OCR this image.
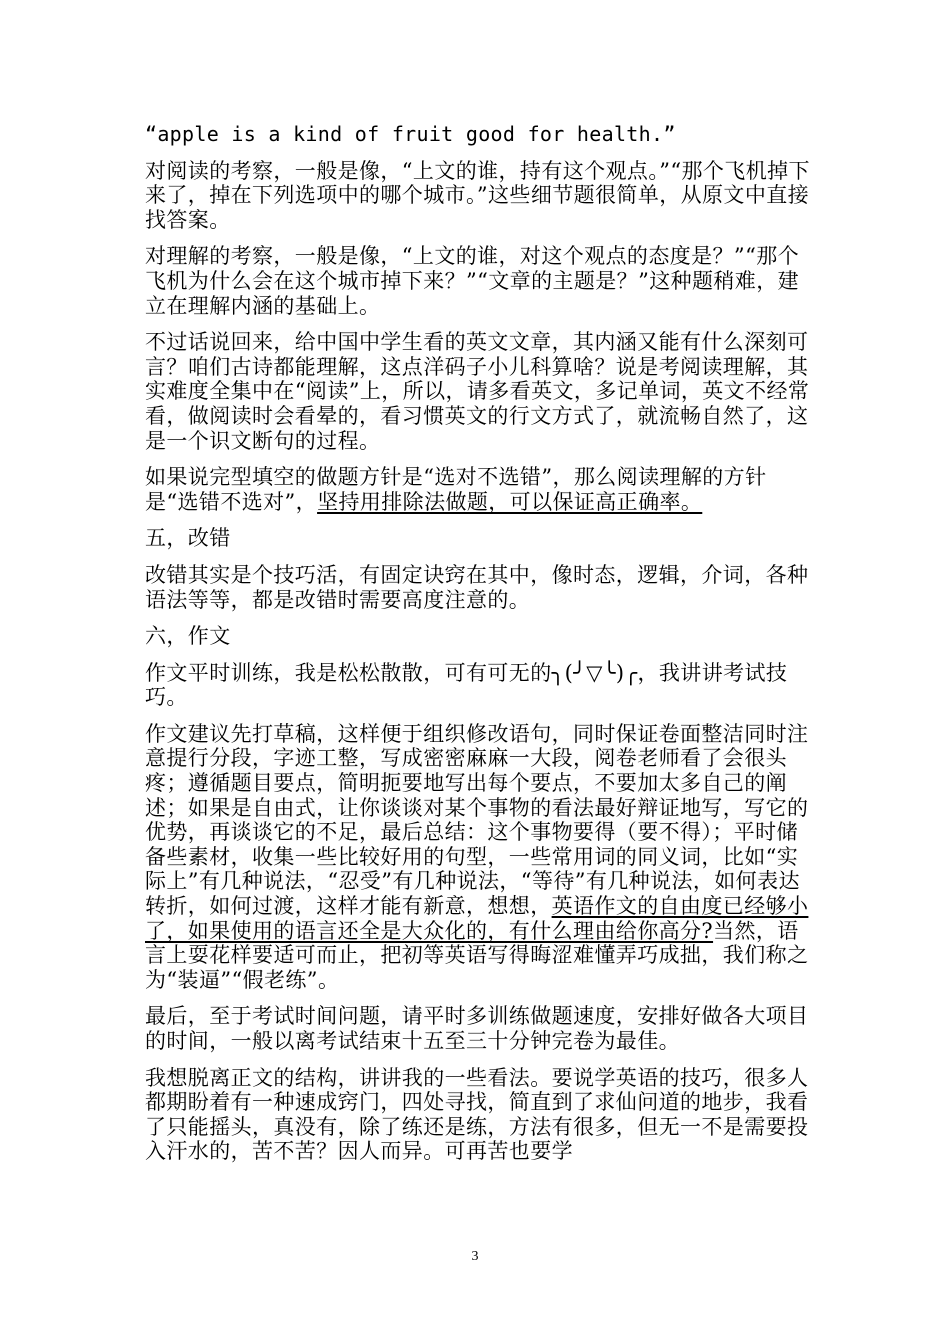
“apple is a kind of fruit good for health.”

对阅读的考察，一般是像，“上文的谁，持有这个观点。”“那个飞机掉下来了，掉在下列选项中的哪个城市。”这些细节题很简单，从原文中直接找答案。

对理解的考察，一般是像，“上文的谁，对这个观点的态度是？”“那个飞机为什么会在这个城市掉下来？”“文章的主题是？”这种题稍难，建立在理解内涵的基础上。

不过话说回来，给中国中学生看的英文文章，其内涵又能有什么深刻可言？咱们古诗都能理解，这点洋码子小儿科算啥？说是考阅读理解，其实难度全集中在“阅读”上，所以，请多看英文，多记单词，英文不经常看，做阅读时会看晕的，看习惯英文的行文方式了，就流畅自然了，这是一个识文断句的过程。

如果说完型填空的做题方针是“选对不选错”，那么阅读理解的方针是“选错不选对”，坚持用排除法做题，可以保证高正确率。

五，改错

改错其实是个技巧活，有固定诀窍在其中，像时态，逻辑，介词，各种语法等等，都是改错时需要高度注意的。

六，作文

作文平时训练，我是松松散散，可有可无的╮(╯▽╰)╭，我讲讲考试技巧。

作文建议先打草稿，这样便于组织修改语句，同时保证卷面整洁同时注意提行分段，字迹工整，写成密密麻麻一大段，阅卷老师看了会很头疼；遵循题目要点，简明扼要地写出每个要点，不要加太多自己的阐述；如果是自由式，让你谈谈对某个事物的看法最好辩证地写，写它的优势，再谈谈它的不足，最后总结：这个事物要得（要不得）；平时储备些素材，收集一些比较好用的句型，一些常用词的同义词，比如“实际上”有几种说法，“忍受”有几种说法，“等待”有几种说法，如何表达转折，如何过渡，这样才能有新意，想想，英语作文的自由度已经够小了，如果使用的语言还全是大众化的，有什么理由给你高分?当然，语言上耍花样要适可而止，把初等英语写得晦涩难懂弄巧成拙，我们称之为“装逼”“假老练”。

最后，至于考试时间问题，请平时多训练做题速度，安排好做各大项目的时间，一般以离考试结束十五至三十分钟完卷为最佳。

我想脱离正文的结构，讲讲我的一些看法。要说学英语的技巧，很多人都期盼着有一种速成窍门，四处寻找，简直到了求仙问道的地步，我看了只能摇头，真没有，除了练还是练，方法有很多，但无一不是需要投入汗水的，苦不苦？因人而异。可再苦也要学

3
